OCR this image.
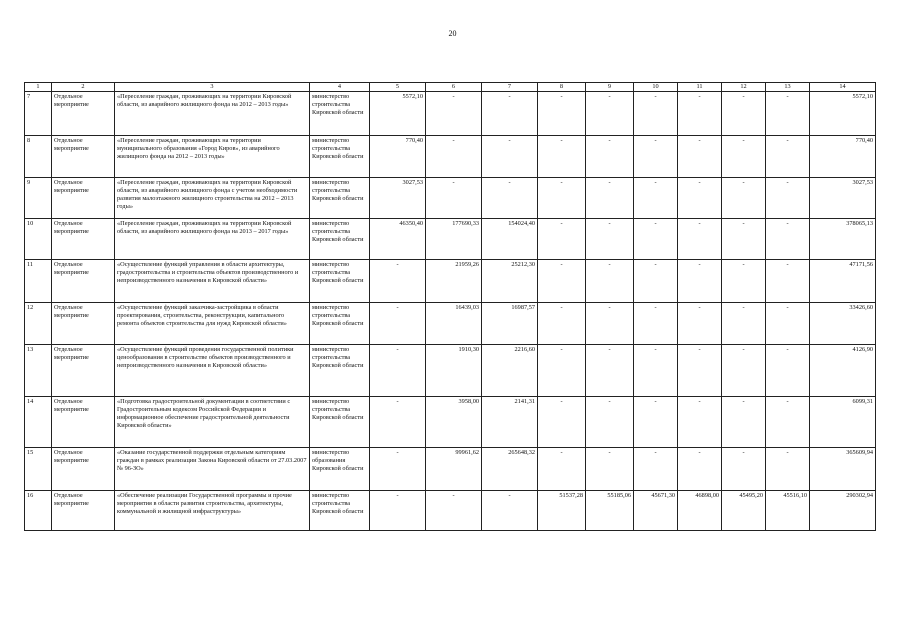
20
1	2	3	4	5	6	7	8	9	10	11	12	13	14
7	Отдельное мероприятие	«Переселение граждан, проживающих на территории Кировской области, из аварийного жилищного фонда на 2012 – 2013 годы»	министерство строительства Кировской области	5572,10	-	-	-	-	-	-	-	-	5572,10
8	Отдельное мероприятие	«Переселение граждан, проживающих на территории муниципального образования «Город Киров», из аварийного жилищного фонда на 2012 – 2013 годы»	министерство строительства Кировской области	770,40	-	-	-	-	-	-	-	-	770,40
9	Отдельное мероприятие	«Переселение граждан, проживающих на территории Кировской области, из аварийного жилищного фонда с учетом необходимости развития малоэтажного жилищного строительства на 2012 – 2013 годы»	министерство строительства Кировской области	3027,53	-	-	-	-	-	-	-	-	3027,53
10	Отдельное мероприятие	«Переселение граждан, проживающих на территории Кировской области, из аварийного жилищного фонда на 2013 – 2017 годы»	министерство строительства Кировской области	46350,40	177690,33	154024,40	-	-	-	-	-	-	378065,13
11	Отдельное мероприятие	«Осуществление функций управления в области архитектуры, градостроительства и строительства объектов производственного и непроизводственного назначения в Кировской области»	министерство строительства Кировской области	-	21959,26	25212,30	-	-	-	-	-	-	47171,56
12	Отдельное мероприятие	«Осуществление функций заказчика-застройщика в области проектирования, строительства, реконструкции, капитального ремонта объектов строительства для нужд Кировской области»	министерство строительства Кировской области	-	16439,03	16987,57	-	-	-	-	-	-	33426,60
13	Отдельное мероприятие	«Осуществление функций проведения государственной политики ценообразования в строительстве объектов производственного и непроизводственного назначения в Кировской области»	министерство строительства Кировской области	-	1910,30	2216,60	-	-	-	-	-	-	4126,90
14	Отдельное мероприятие	«Подготовка градостроительной документации в соответствии с Градостроительным кодексом Российской Федерации и информационное обеспечение градостроительной деятельности Кировской области»	министерство строительства Кировской области	-	3958,00	2141,31	-	-	-	-	-	-	6099,31
15	Отдельное мероприятие	«Оказание государственной поддержки отдельным категориям граждан в рамках реализации Закона Кировской области от 27.03.2007 № 96-ЗО»	министерство образования Кировской области	-	99961,62	265648,32	-	-	-	-	-	-	365609,94
16	Отдельное мероприятие	«Обеспечение реализации Государственной программы и прочие мероприятия в области развития строительства, архитектуры, коммунальной и жилищной инфраструктуры»	министерство строительства Кировской области	-	-	-	51537,28	55185,06	45671,30	46898,00	45495,20	45516,10	290302,94
